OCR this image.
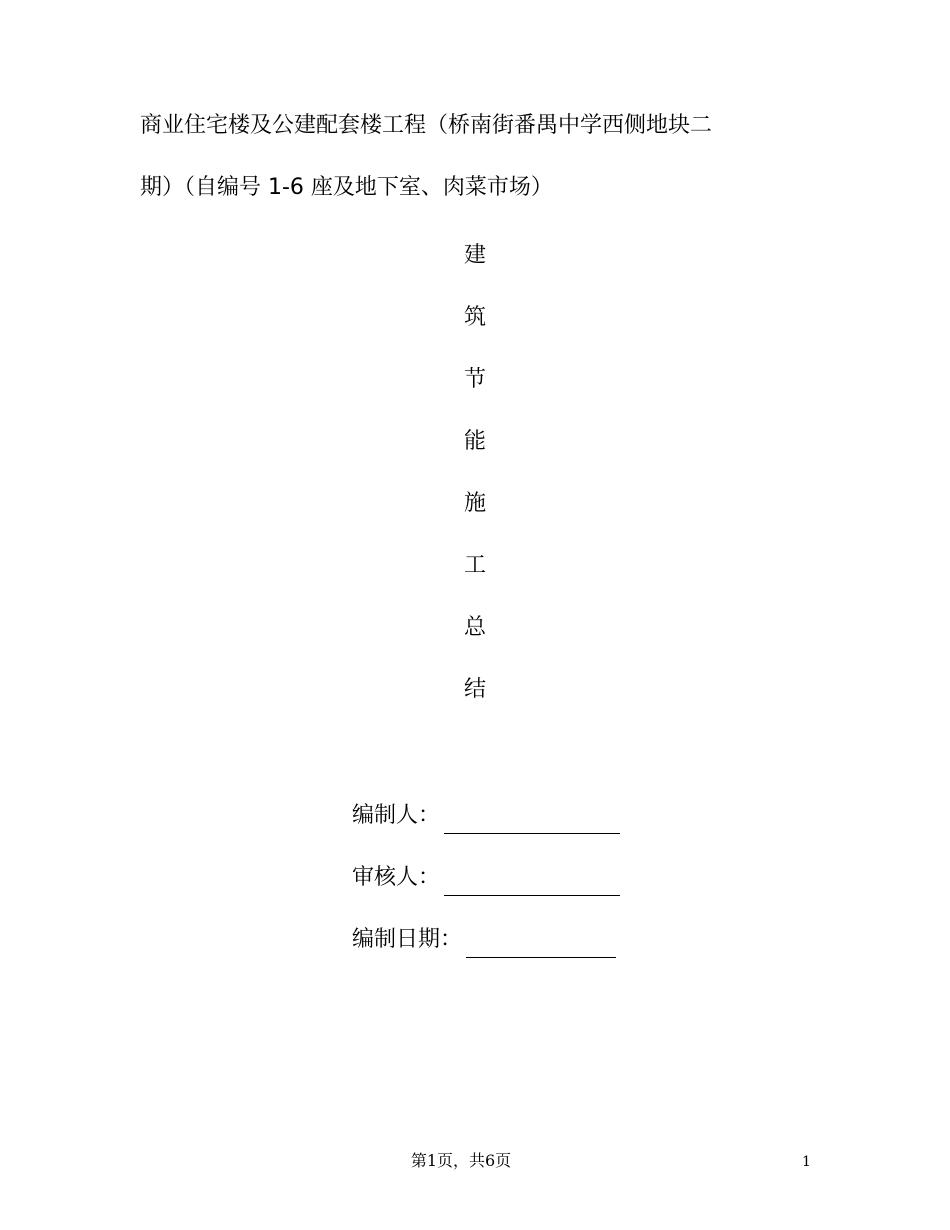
商业住宅楼及公建配套楼工程（桥南街番禺中学西侧地块二
期）（自编号 1-6 座及地下室、肉菜市场）
建
筑
节
能
施
工
总
结
编制人：
审核人：
编制日期：
第1页，共6页	1
